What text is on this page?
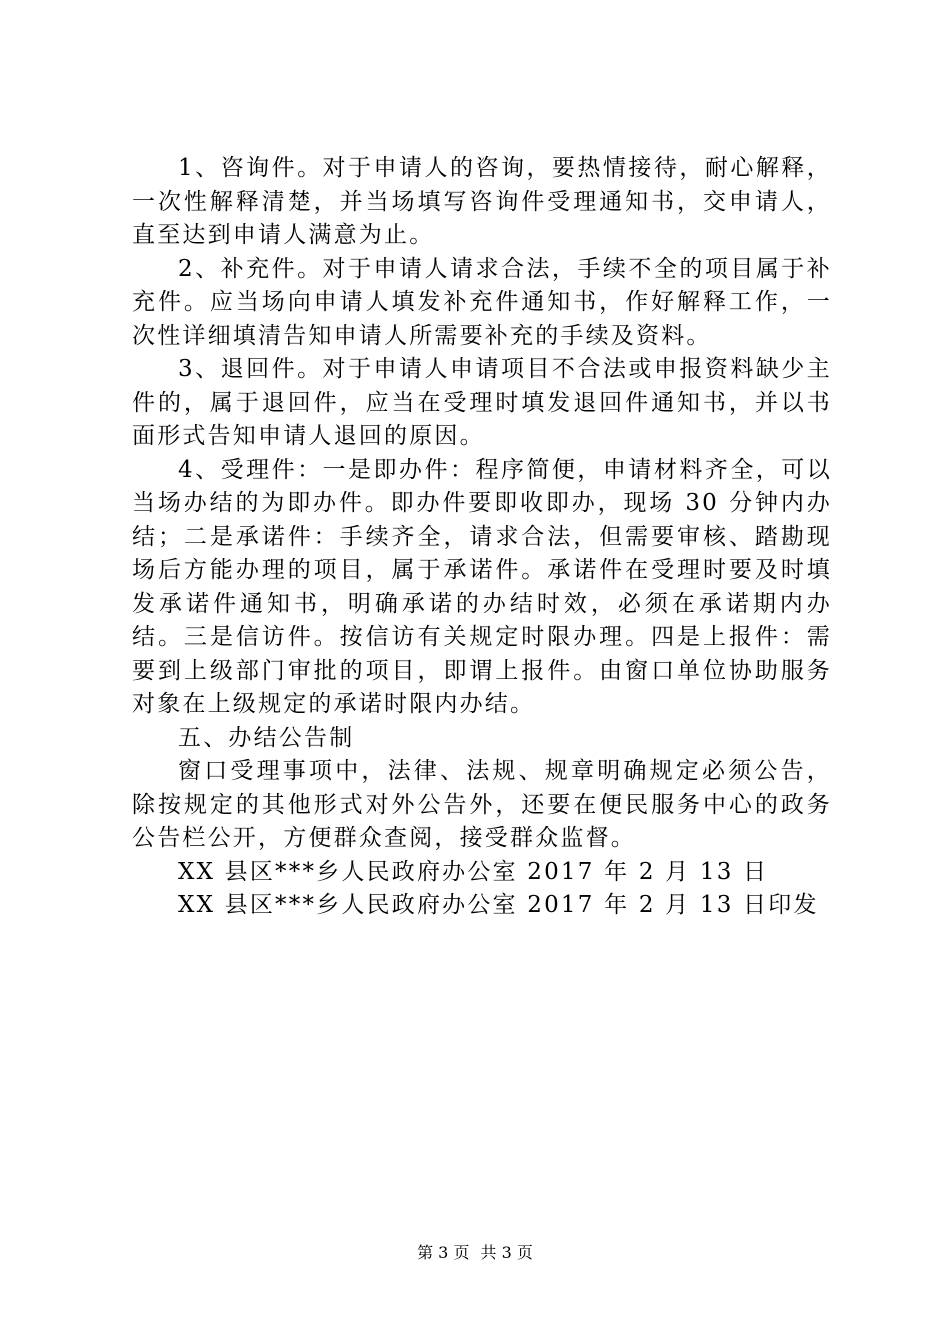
1、咨询件。对于申请人的咨询，要热情接待，耐心解释，一次性解释清楚，并当场填写咨询件受理通知书，交申请人，直至达到申请人满意为止。

2、补充件。对于申请人请求合法，手续不全的项目属于补充件。应当场向申请人填发补充件通知书，作好解释工作，一次性详细填清告知申请人所需要补充的手续及资料。

3、退回件。对于申请人申请项目不合法或申报资料缺少主件的，属于退回件，应当在受理时填发退回件通知书，并以书面形式告知申请人退回的原因。

4、受理件：一是即办件：程序简便，申请材料齐全，可以当场办结的为即办件。即办件要即收即办，现场 30 分钟内办结；二是承诺件：手续齐全，请求合法，但需要审核、踏勘现场后方能办理的项目，属于承诺件。承诺件在受理时要及时填发承诺件通知书，明确承诺的办结时效，必须在承诺期内办结。三是信访件。按信访有关规定时限办理。四是上报件：需要到上级部门审批的项目，即谓上报件。由窗口单位协助服务对象在上级规定的承诺时限内办结。

五、办结公告制

窗口受理事项中，法律、法规、规章明确规定必须公告，除按规定的其他形式对外公告外，还要在便民服务中心的政务公告栏公开，方便群众查阅，接受群众监督。

XX 县区***乡人民政府办公室 2017 年 2 月 13 日

XX 县区***乡人民政府办公室 2017 年 2 月 13 日印发

第 3 页 共 3 页
